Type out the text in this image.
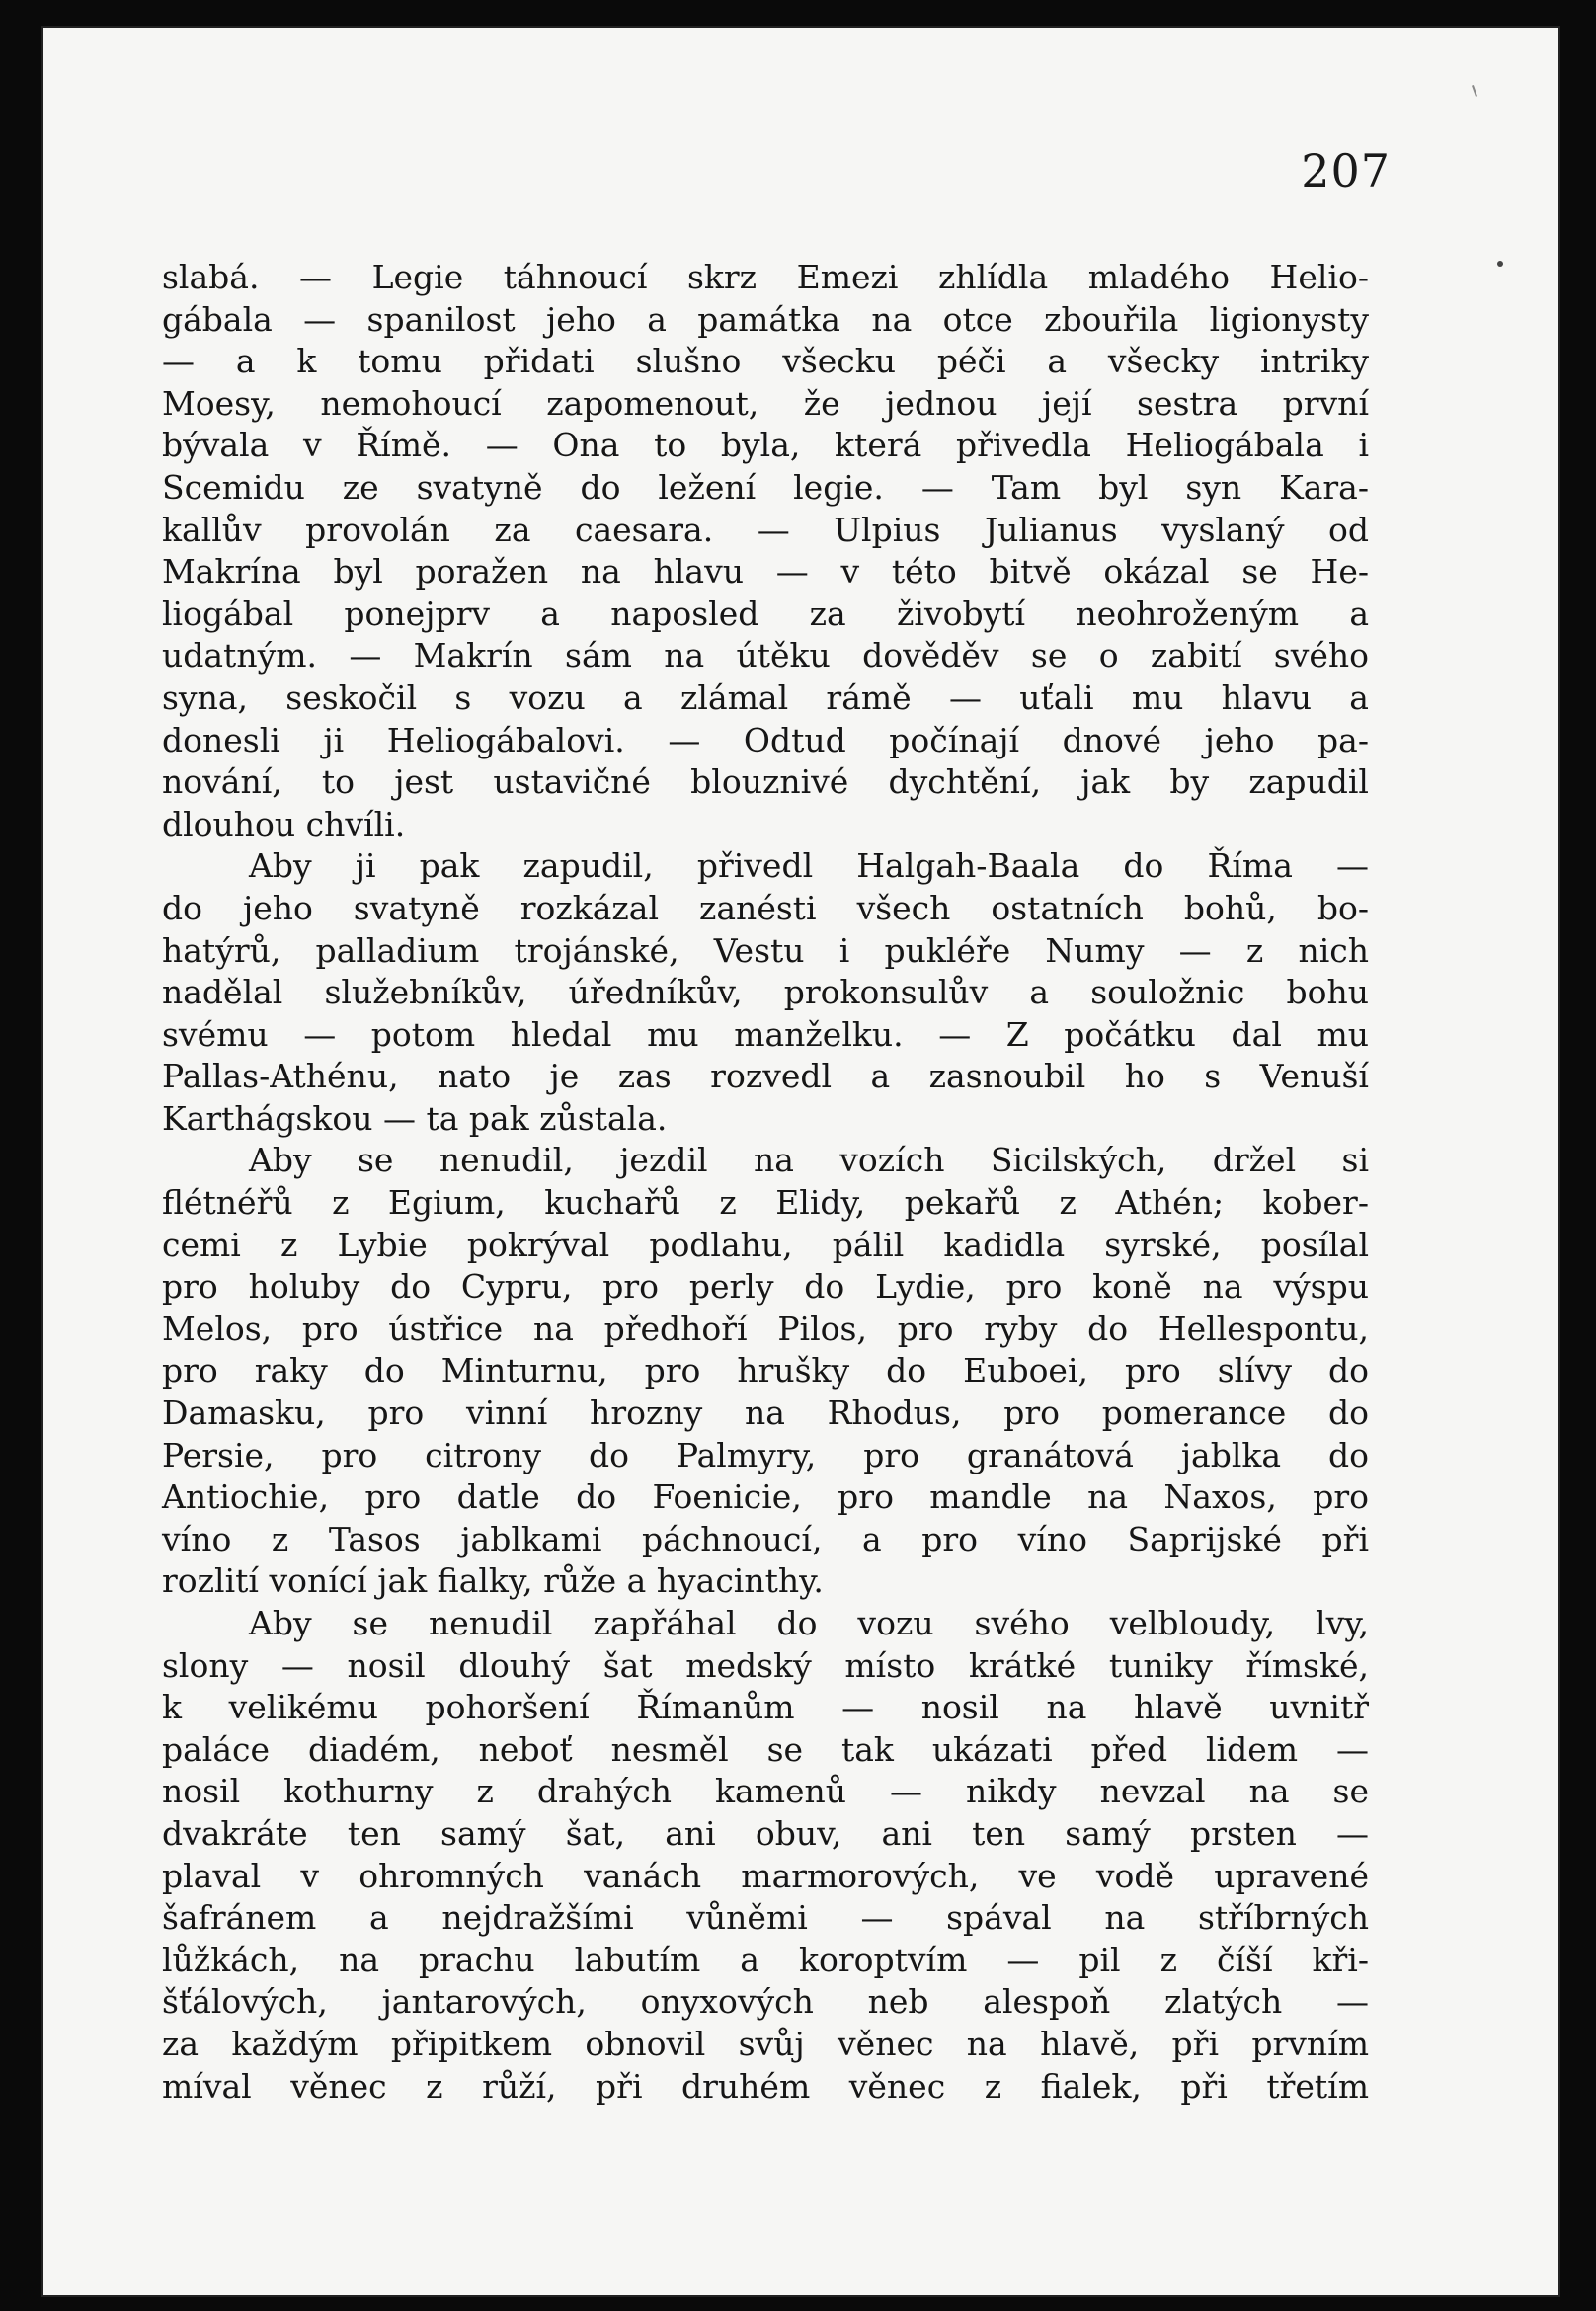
207
slabá. — Legie táhnoucí skrz Emezi zhlídla mladého Helio-
gábala — spanilost jeho a památka na otce zbouřila ligionysty
— a k tomu přidati slušno všecku péči a všecky intriky
Moesy, nemohoucí zapomenout, že jednou její sestra první
bývala v Římě. — Ona to byla, která přivedla Heliogábala i
Scemidu ze svatyně do ležení legie. — Tam byl syn Kara-
kallův provolán za caesara. — Ulpius Julianus vyslaný od
Makrína byl poražen na hlavu — v této bitvě okázal se He-
liogábal ponejprv a naposled za živobytí neohroženým a
udatným. — Makrín sám na útěku dověděv se o zabití svého
syna, seskočil s vozu a zlámal rámě — uťali mu hlavu a
donesli ji Heliogábalovi. — Odtud počínají dnové jeho pa-
nování, to jest ustavičné blouznivé dychtění, jak by zapudil
dlouhou chvíli.
Aby ji pak zapudil, přivedl Halgah-Baala do Říma —
do jeho svatyně rozkázal zanésti všech ostatních bohů, bo-
hatýrů, palladium trojánské, Vestu i pukléře Numy — z nich
nadělal služebníkův, úředníkův, prokonsulův a souložnic bohu
svému — potom hledal mu manželku. — Z počátku dal mu
Pallas-Athénu, nato je zas rozvedl a zasnoubil ho s Venuší
Karthágskou — ta pak zůstala.
Aby se nenudil, jezdil na vozích Sicilských, držel si
flétnéřů z Egium, kuchařů z Elidy, pekařů z Athén; kober-
cemi z Lybie pokrýval podlahu, pálil kadidla syrské, posílal
pro holuby do Cypru, pro perly do Lydie, pro koně na výspu
Melos, pro ústřice na předhoří Pilos, pro ryby do Hellespontu,
pro raky do Minturnu, pro hrušky do Euboei, pro slívy do
Damasku, pro vinní hrozny na Rhodus, pro pomerance do
Persie, pro citrony do Palmyry, pro granátová jablka do
Antiochie, pro datle do Foenicie, pro mandle na Naxos, pro
víno z Tasos jablkami páchnoucí, a pro víno Saprijské při
rozlití vonící jak fialky, růže a hyacinthy.
Aby se nenudil zapřáhal do vozu svého velbloudy, lvy,
slony — nosil dlouhý šat medský místo krátké tuniky římské,
k velikému pohoršení Římanům — nosil na hlavě uvnitř
paláce diadém, neboť nesměl se tak ukázati před lidem —
nosil kothurny z drahých kamenů — nikdy nevzal na se
dvakráte ten samý šat, ani obuv, ani ten samý prsten —
plaval v ohromných vanách marmorových, ve vodě upravené
šafránem a nejdražšími vůněmi — spával na stříbrných
lůžkách, na prachu labutím a koroptvím — pil z číší kři-
šťálových, jantarových, onyxových neb alespoň zlatých —
za každým připitkem obnovil svůj věnec na hlavě, při prvním
míval věnec z růží, při druhém věnec z fialek, při třetím
